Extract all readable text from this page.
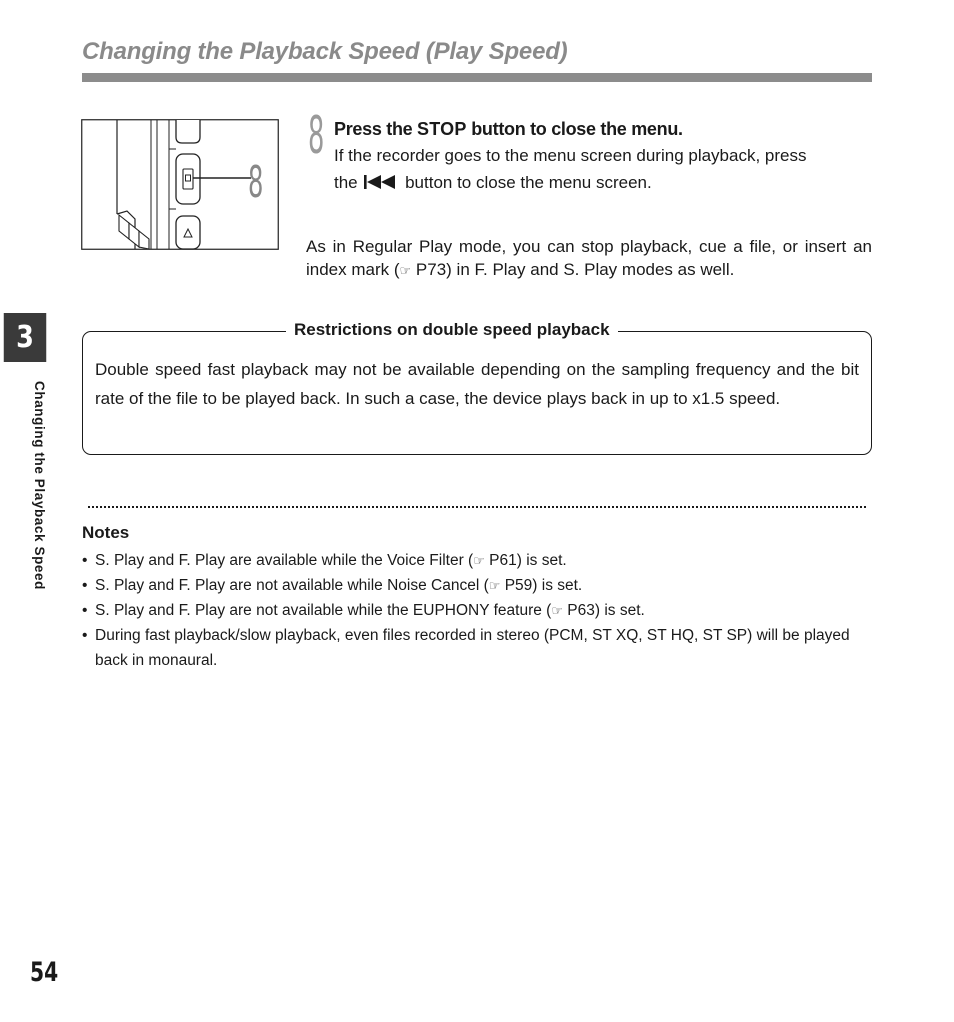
Changing the Playback Speed (Play Speed)
3
Changing the Playback Speed
8
8 Press the STOP button to close the menu.
If the recorder goes to the menu screen during playback, press
the  button to close the menu screen.
As in Regular Play mode, you can stop playback, cue a file, or insert an index mark (☞ P73) in F. Play and S. Play modes as well.
Restrictions on double speed playback
Double speed fast playback may not be available depending on the sampling frequency and the bit rate of the file to be played back. In such a case, the device plays back in up to x1.5 speed.
Notes
• S. Play and F. Play are available while the Voice Filter (☞ P61) is set.
• S. Play and F. Play are not available while Noise Cancel (☞ P59) is set.
• S. Play and F. Play are not available while the EUPHONY feature (☞ P63) is set.
• During fast playback/slow playback, even files recorded in stereo (PCM, ST XQ, ST HQ, ST SP) will be played back in monaural.
54
